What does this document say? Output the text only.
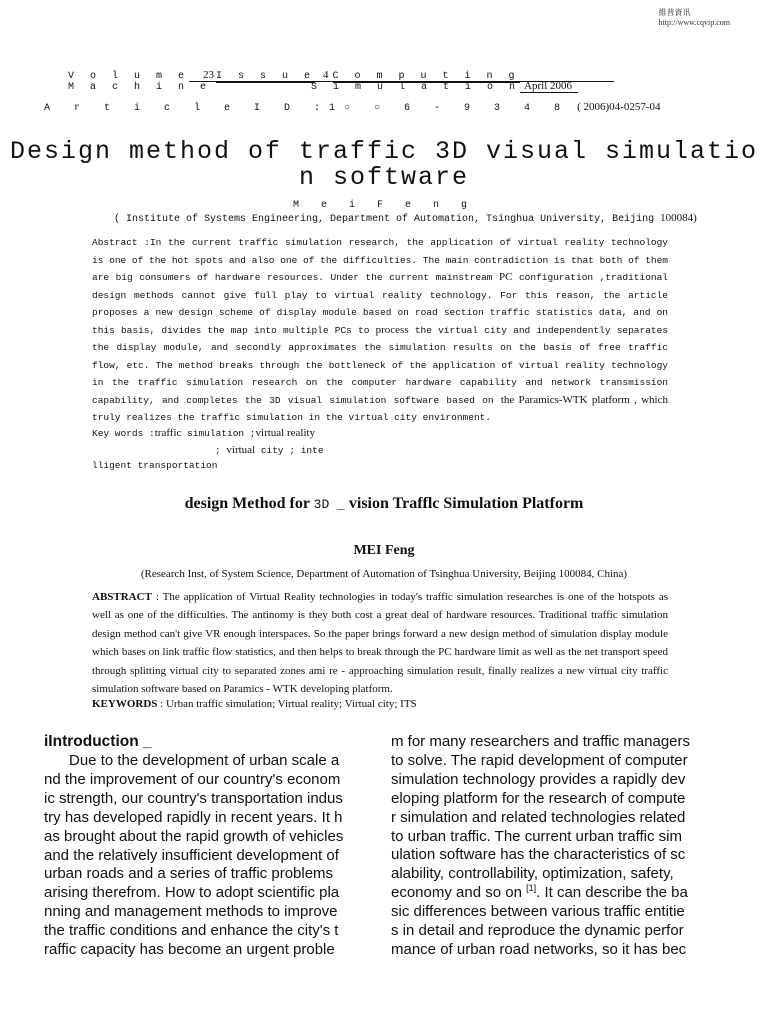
維普資讯
http://www.cqvip.com
V o l u m e 23 I s s u e 4 C o m p u t i n g
M a c h i n e	S i m u l a t i o n April 2006
A r t i c l e I D :1○ ○ 6 - 9 3 4 8 ( 2006)04-0257-04
Design method of traffic 3D visual simulatio
n software
M e i F e n g
( Institute of Systems Engineering, Department of Automation, Tsinghua University, Beijing 100084)
Abstract :In the current traffic simulation research, the application of virtual reality technology is one of the hot spots and also one of the difficulties. The main contradiction is that both of them are big consumers of hardware resources. Under the current mainstream PC configuration ,traditional design methods cannot give full play to virtual reality technology. For this reason, the article proposes a new design scheme of display module based on road section traffic statistics data, and on this basis, divides the map into multiple PCs to process the virtual city and independently separates the display module, and secondly approximates the simulation results on the basis of free traffic flow, etc. The method breaks through the bottleneck of the application of virtual reality technology in the traffic simulation research on the computer hardware capability and network transmission capability, and completes the 3D visual simulation software based on the Paramics-WTK platform , which truly realizes the traffic simulation in the virtual city environment.
Key words :traffic simulation ;virtual reality
; virtual city ; inte
lligent transportation
design Method for 3D _ vision Trafflc Simulation Platform
MEI Feng
(Research Inst, of System Science, Department of Automation of Tsinghua University, Beijing 100084, China)
ABSTRACT : The application of Virtual Reality technologies in today's traffic simulation researches is one of the hotspots as well as one of the difficulties. The antinomy is they both cost a great deal of hardware resources. Traditional traffic simulation design method can't give VR enough interspaces. So the paper brings forward a new design method of simulation display module which bases on link traffic flow statistics, and then helps to break through the PC hardware limit as well as the net transport speed through splitting virtual city to separated zones ami re - approaching simulation result, finally realizes a new virtual city traffic simulation software based on Paramics - WTK developing platform.
KEYWORDS : Urban traffic simulation; Virtual reality; Virtual city; ITS
iIntroduction _
Due to the development of urban scale a
nd the improvement of our country's econom
ic strength, our country's transportation indus
try has developed rapidly in recent years. It h
as brought about the rapid growth of vehicles
and the relatively insufficient development of
urban roads and a series of traffic problems
arising therefrom. How to adopt scientific pla
nning and management methods to improve
the traffic conditions and enhance the city's t
raffic capacity has become an urgent proble
m for many researchers and traffic managers
to solve. The rapid development of computer
simulation technology provides a rapidly dev
eloping platform for the research of compute
r simulation and related technologies related
to urban traffic. The current urban traffic sim
ulation software has the characteristics of sc
alability, controllability, optimization, safety,
economy and so on [1]. It can describe the ba
sic differences between various traffic entitie
s in detail and reproduce the dynamic perfor
mance of urban road networks, so it has bec
